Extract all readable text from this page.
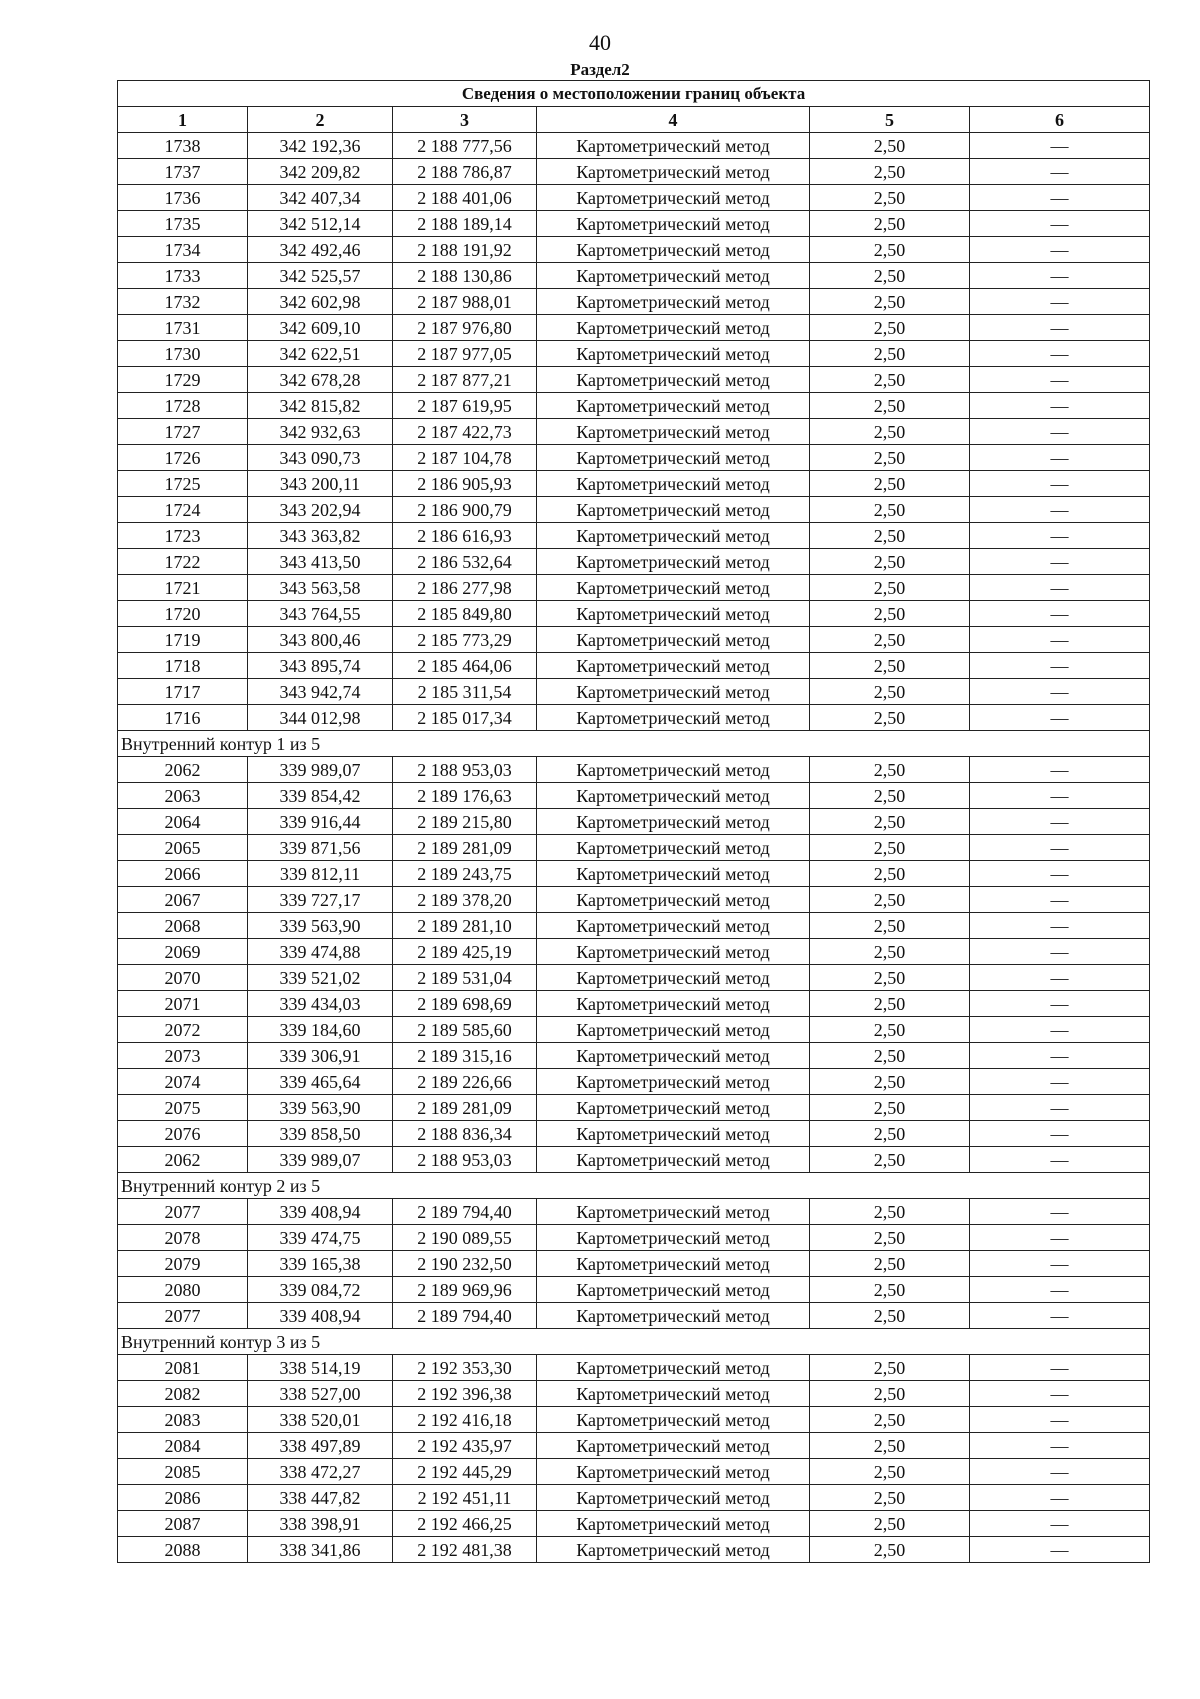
40
Раздел2
Сведения о местоположении границ объекта					
1	2	3	4	5	6
1738	342 192,36	2 188 777,56	Картометрический метод	2,50	—
1737	342 209,82	2 188 786,87	Картометрический метод	2,50	—
1736	342 407,34	2 188 401,06	Картометрический метод	2,50	—
1735	342 512,14	2 188 189,14	Картометрический метод	2,50	—
1734	342 492,46	2 188 191,92	Картометрический метод	2,50	—
1733	342 525,57	2 188 130,86	Картометрический метод	2,50	—
1732	342 602,98	2 187 988,01	Картометрический метод	2,50	—
1731	342 609,10	2 187 976,80	Картометрический метод	2,50	—
1730	342 622,51	2 187 977,05	Картометрический метод	2,50	—
1729	342 678,28	2 187 877,21	Картометрический метод	2,50	—
1728	342 815,82	2 187 619,95	Картометрический метод	2,50	—
1727	342 932,63	2 187 422,73	Картометрический метод	2,50	—
1726	343 090,73	2 187 104,78	Картометрический метод	2,50	—
1725	343 200,11	2 186 905,93	Картометрический метод	2,50	—
1724	343 202,94	2 186 900,79	Картометрический метод	2,50	—
1723	343 363,82	2 186 616,93	Картометрический метод	2,50	—
1722	343 413,50	2 186 532,64	Картометрический метод	2,50	—
1721	343 563,58	2 186 277,98	Картометрический метод	2,50	—
1720	343 764,55	2 185 849,80	Картометрический метод	2,50	—
1719	343 800,46	2 185 773,29	Картометрический метод	2,50	—
1718	343 895,74	2 185 464,06	Картометрический метод	2,50	—
1717	343 942,74	2 185 311,54	Картометрический метод	2,50	—
1716	344 012,98	2 185 017,34	Картометрический метод	2,50	—
Внутренний контур 1 из 5					
2062	339 989,07	2 188 953,03	Картометрический метод	2,50	—
2063	339 854,42	2 189 176,63	Картометрический метод	2,50	—
2064	339 916,44	2 189 215,80	Картометрический метод	2,50	—
2065	339 871,56	2 189 281,09	Картометрический метод	2,50	—
2066	339 812,11	2 189 243,75	Картометрический метод	2,50	—
2067	339 727,17	2 189 378,20	Картометрический метод	2,50	—
2068	339 563,90	2 189 281,10	Картометрический метод	2,50	—
2069	339 474,88	2 189 425,19	Картометрический метод	2,50	—
2070	339 521,02	2 189 531,04	Картометрический метод	2,50	—
2071	339 434,03	2 189 698,69	Картометрический метод	2,50	—
2072	339 184,60	2 189 585,60	Картометрический метод	2,50	—
2073	339 306,91	2 189 315,16	Картометрический метод	2,50	—
2074	339 465,64	2 189 226,66	Картометрический метод	2,50	—
2075	339 563,90	2 189 281,09	Картометрический метод	2,50	—
2076	339 858,50	2 188 836,34	Картометрический метод	2,50	—
2062	339 989,07	2 188 953,03	Картометрический метод	2,50	—
Внутренний контур 2 из 5					
2077	339 408,94	2 189 794,40	Картометрический метод	2,50	—
2078	339 474,75	2 190 089,55	Картометрический метод	2,50	—
2079	339 165,38	2 190 232,50	Картометрический метод	2,50	—
2080	339 084,72	2 189 969,96	Картометрический метод	2,50	—
2077	339 408,94	2 189 794,40	Картометрический метод	2,50	—
Внутренний контур 3 из 5					
2081	338 514,19	2 192 353,30	Картометрический метод	2,50	—
2082	338 527,00	2 192 396,38	Картометрический метод	2,50	—
2083	338 520,01	2 192 416,18	Картометрический метод	2,50	—
2084	338 497,89	2 192 435,97	Картометрический метод	2,50	—
2085	338 472,27	2 192 445,29	Картометрический метод	2,50	—
2086	338 447,82	2 192 451,11	Картометрический метод	2,50	—
2087	338 398,91	2 192 466,25	Картометрический метод	2,50	—
2088	338 341,86	2 192 481,38	Картометрический метод	2,50	—
